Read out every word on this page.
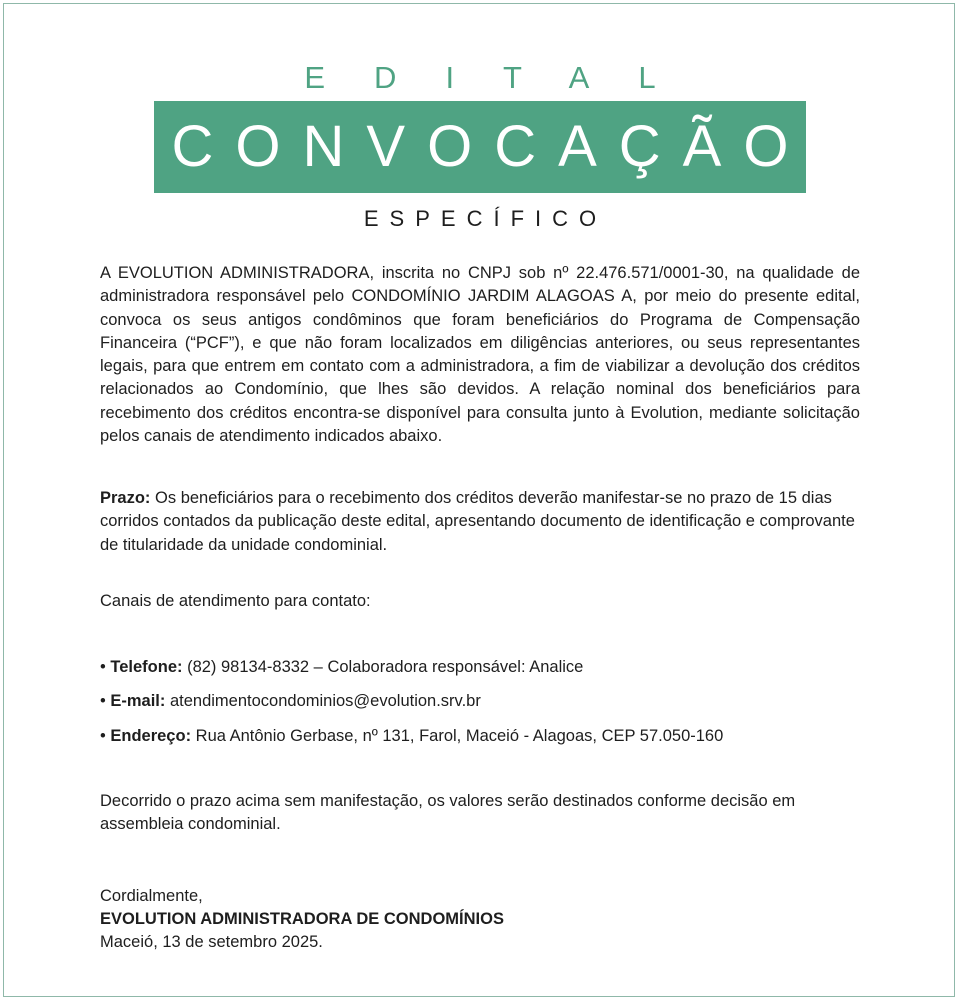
EDITAL
CONVOCAÇÃO
ESPECÍFICO

A EVOLUTION ADMINISTRADORA, inscrita no CNPJ sob nº 22.476.571/0001-30, na qualidade de administradora responsável pelo CONDOMÍNIO JARDIM ALAGOAS A, por meio do presente edital, convoca os seus antigos condôminos que foram beneficiários do Programa de Compensação Financeira (“PCF”), e que não foram localizados em diligências anteriores, ou seus representantes legais, para que entrem em contato com a administradora, a fim de viabilizar a devolução dos créditos relacionados ao Condomínio, que lhes são devidos. A relação nominal dos beneficiários para recebimento dos créditos encontra-se disponível para consulta junto à Evolution, mediante solicitação pelos canais de atendimento indicados abaixo.

Prazo: Os beneficiários para o recebimento dos créditos deverão manifestar-se no prazo de 15 dias corridos contados da publicação deste edital, apresentando documento de identificação e comprovante de titularidade da unidade condominial.

Canais de atendimento para contato:

• Telefone: (82) 98134-8332 – Colaboradora responsável: Analice
• E-mail: atendimentocondominios@evolution.srv.br
• Endereço: Rua Antônio Gerbase, nº 131, Farol, Maceió - Alagoas, CEP 57.050-160

Decorrido o prazo acima sem manifestação, os valores serão destinados conforme decisão em assembleia condominial.

Cordialmente,
EVOLUTION ADMINISTRADORA DE CONDOMÍNIOS
Maceió, 13 de setembro 2025.
